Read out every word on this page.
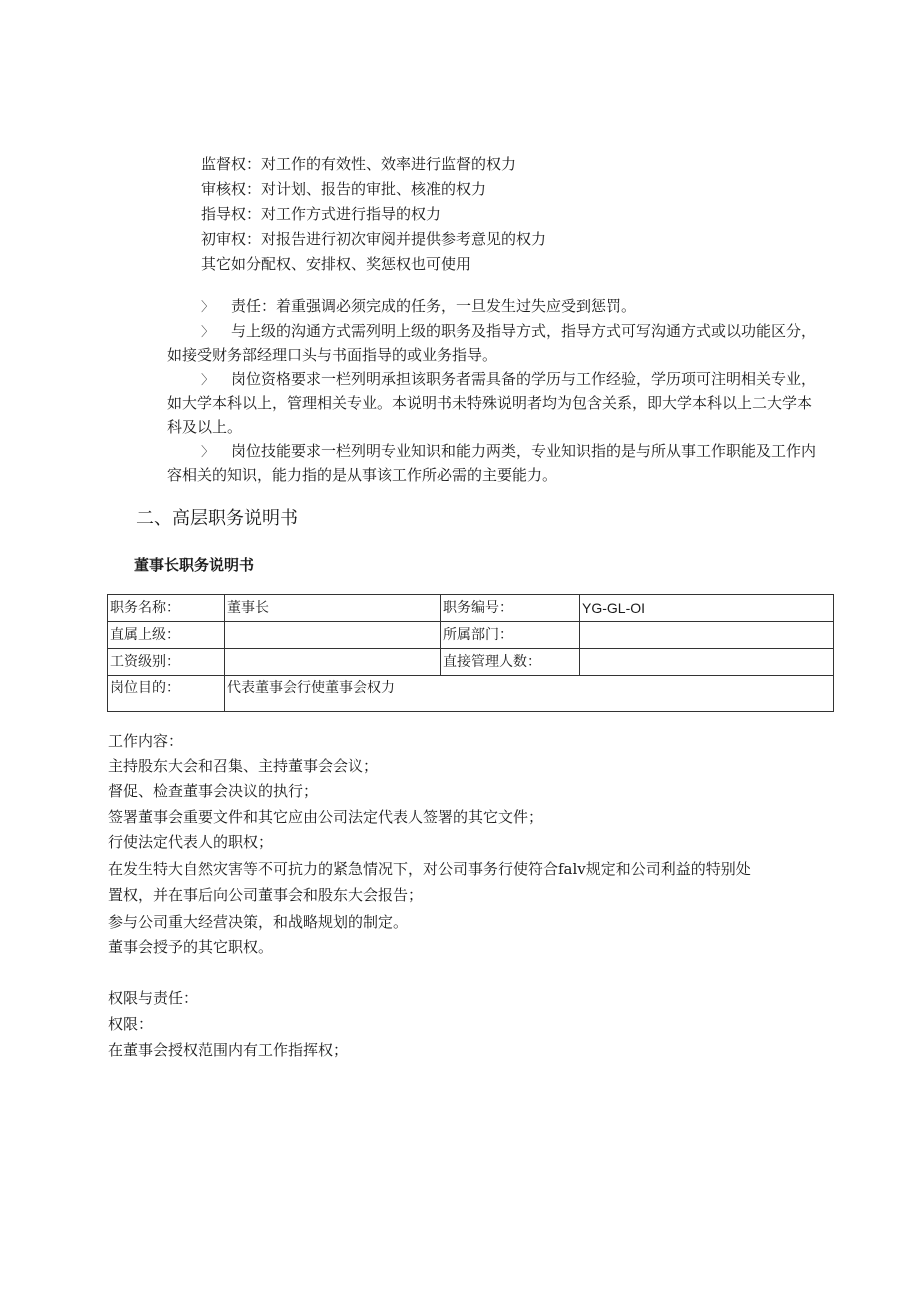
监督权：对工作的有效性、效率进行监督的权力
审核权：对计划、报告的审批、核准的权力
指导权：对工作方式进行指导的权力
初审权：对报告进行初次审阅并提供参考意见的权力
其它如分配权、安排权、奖惩权也可使用
〉 责任：着重强调必须完成的任务，一旦发生过失应受到惩罚。
〉 与上级的沟通方式需列明上级的职务及指导方式，指导方式可写沟通方式或以功能区分，
如接受财务部经理口头与书面指导的或业务指导。
〉 岗位资格要求一栏列明承担该职务者需具备的学历与工作经验，学历项可注明相关专业，
如大学本科以上，管理相关专业。本说明书未特殊说明者均为包含关系，即大学本科以上二大学本
科及以上。
〉 岗位技能要求一栏列明专业知识和能力两类，专业知识指的是与所从事工作职能及工作内
容相关的知识，能力指的是从事该工作所必需的主要能力。
二、高层职务说明书
董事长职务说明书
职务名称：	董事长	职务编号：	YG-GL-OI
直属上级：		所属部门：	
工资级别：		直接管理人数：	
岗位目的：	代表董事会行使董事会权力		
工作内容：
主持股东大会和召集、主持董事会会议；
督促、检查董事会决议的执行；
签署董事会重要文件和其它应由公司法定代表人签署的其它文件；
行使法定代表人的职权；
在发生特大自然灾害等不可抗力的紧急情况下，对公司事务行使符合falv规定和公司利益的特别处
置权，并在事后向公司董事会和股东大会报告；
参与公司重大经营决策，和战略规划的制定。
董事会授予的其它职权。
权限与责任：
权限：
在董事会授权范围内有工作指挥权；
